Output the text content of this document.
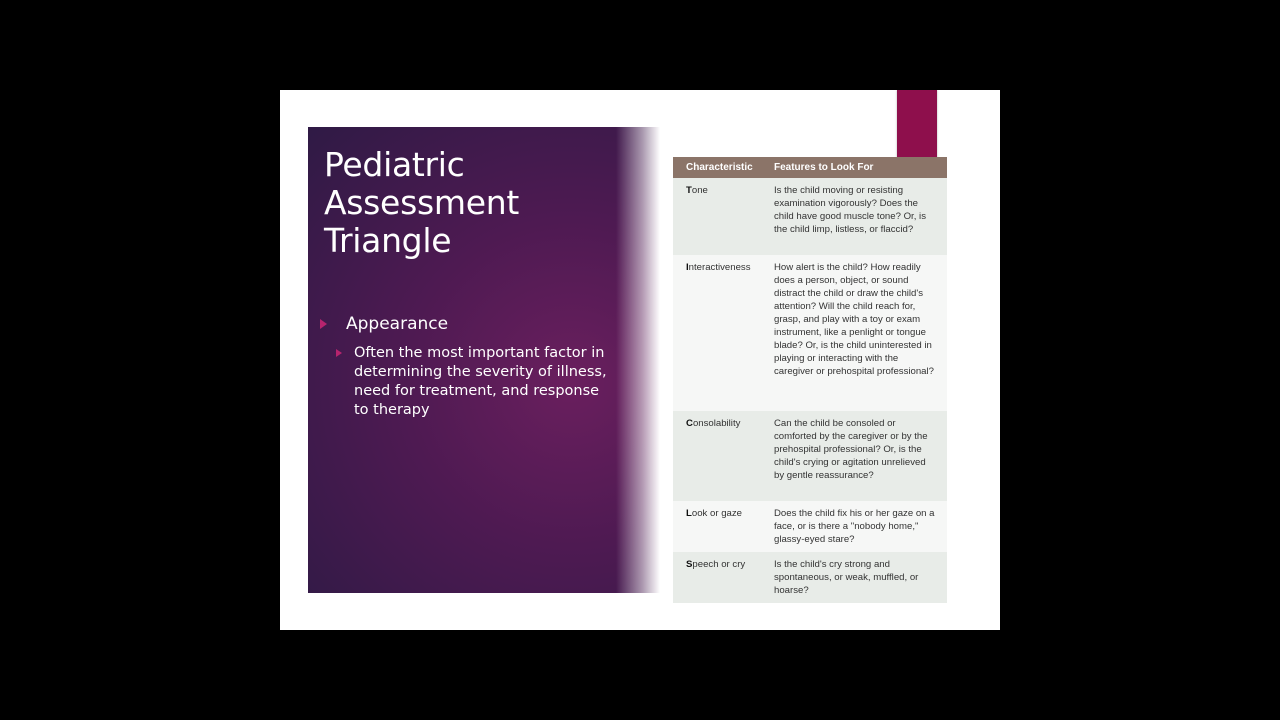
Pediatric
Assessment
Triangle
Appearance
Often the most important factor in determining the severity of illness, need for treatment, and response to therapy
Characteristic	Features to Look For
Tone	Is the child moving or resisting examination vigorously? Does the child have good muscle tone? Or, is the child limp, listless, or flaccid?
Interactiveness	How alert is the child? How readily does a person, object, or sound distract the child or draw the child's attention? Will the child reach for, grasp, and play with a toy or exam instrument, like a penlight or tongue blade? Or, is the child uninterested in playing or interacting with the caregiver or prehospital professional?
Consolability	Can the child be consoled or comforted by the caregiver or by the prehospital professional? Or, is the child's crying or agitation unrelieved by gentle reassurance?
Look or gaze	Does the child fix his or her gaze on a face, or is there a "nobody home," glassy-eyed stare?
Speech or cry	Is the child's cry strong and spontaneous, or weak, muffled, or hoarse?
